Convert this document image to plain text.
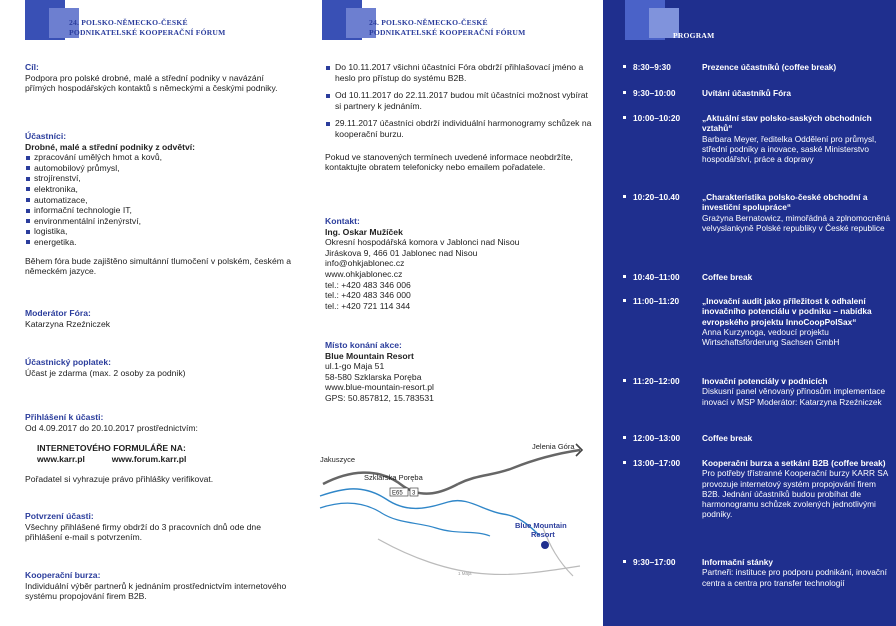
24. POLSKO-NĚMECKO-ČESKÉ
PODNIKATELSKÉ KOOPERAČNÍ FÓRUM
Cíl:
Podpora pro polské drobné, malé a střední podniky v navázání přímých hospodářských kontaktů s německými a českými podniky.
Účastníci:
Drobné, malé a střední podniky z odvětví:
zpracování umělých hmot a kovů,
automobilový průmysl,
strojírenství,
elektronika,
automatizace,
informační technologie IT,
environmentální inženýrství,
logistika,
energetika.
Během fóra bude zajištěno simultánní tlumočení v polském, českém a německém jazyce.
Moderátor Fóra:
Katarzyna Rzeźniczek
Účastnický poplatek:
Účast je zdarma (max. 2 osoby za podnik)
Přihlášení k účasti:
Od 4.09.2017 do 20.10.2017 prostřednictvím:
INTERNETOVÉHO FORMULÁŘE NA:
www.karr.pl	www.forum.karr.pl
Pořadatel si vyhrazuje právo přihlášky verifikovat.
Potvrzení účasti:
Všechny přihlášené firmy obdrží do 3 pracovních dnů ode dne přihlášení e-mail s potvrzením.
Kooperační burza:
Individuální výběr partnerů k jednáním prostřednictvím internetového systému propojování firem B2B.
24. POLSKO-NĚMECKO-ČESKÉ
PODNIKATELSKÉ KOOPERAČNÍ FÓRUM
Do 10.11.2017 všichni účastníci Fóra obdrží přihlašovací jméno a heslo pro přístup do systému B2B.
Od 10.11.2017 do 22.11.2017 budou mít účastníci možnost vybírat si partnery k jednáním.
29.11.2017 účastníci obdrží individuální harmonogramy schůzek na kooperační burzu.
Pokud ve stanovených termínech uvedené informace neobdržíte, kontaktujte obratem telefonicky nebo emailem pořadatele.
Kontakt:
Ing. Oskar Mužíček
Okresní hospodářská komora v Jablonci nad Nisou
Jiráskova 9, 466 01 Jablonec nad Nisou
info@ohkjablonec.cz
www.ohkjablonec.cz
tel.: +420 483 346 006
tel.: +420 483 346 000
tel.: +420 721 114 344
Místo konání akce:
Blue Mountain Resort
ul.1-go Maja 51
58-580 Szklarska Poręba
www.blue-mountain-resort.pl
GPS: 50.857812, 15.783531
E65 3
Jakuszyce
Szklarska Poręba
Jelenia Góra
Blue Mountain
Resort
1 Maja
PROGRAM
8:30–9:30	Prezence účastníků (coffee break)
9:30–10:00	Uvítání účastníků Fóra
10:00–10:20	„Aktuální stav polsko-saských obchodních vztahů“
Barbara Meyer, ředitelka Oddělení pro průmysl, střední podniky a inovace, saské Ministerstvo hospodářství, práce a dopravy
10:20–10.40	„Charakteristika polsko-české obchodní a investiční spolupráce“
Grażyna Bernatowicz, mimořádná a zplnomocněná velvyslankyně Polské republiky v České republice
10:40–11:00	Coffee break
11:00–11:20	„Inovační audit jako příležitost k odhalení inovačního potenciálu v podniku – nabídka evropského projektu InnoCoopPolSax“
Anna Kurzynoga, vedoucí projektu Wirtschaftsförderung Sachsen GmbH
11:20–12:00	Inovační potenciály v podnicích
Diskusní panel věnovaný přínosům implementace inovací v MSP Moderátor: Katarzyna Rzeźniczek
12:00–13:00	Coffee break
13:00–17:00	Kooperační burza a setkání B2B (coffee break)
Pro potřeby třístranné Kooperační burzy KARR SA provozuje internetový systém propojování firem B2B. Jednání účastníků budou probíhat dle harmonogramu schůzek zvolených jednotlivými podniky.
9:30–17:00	Informační stánky
Partneři: instituce pro podporu podnikání, inovační centra a centra pro transfer technologií
